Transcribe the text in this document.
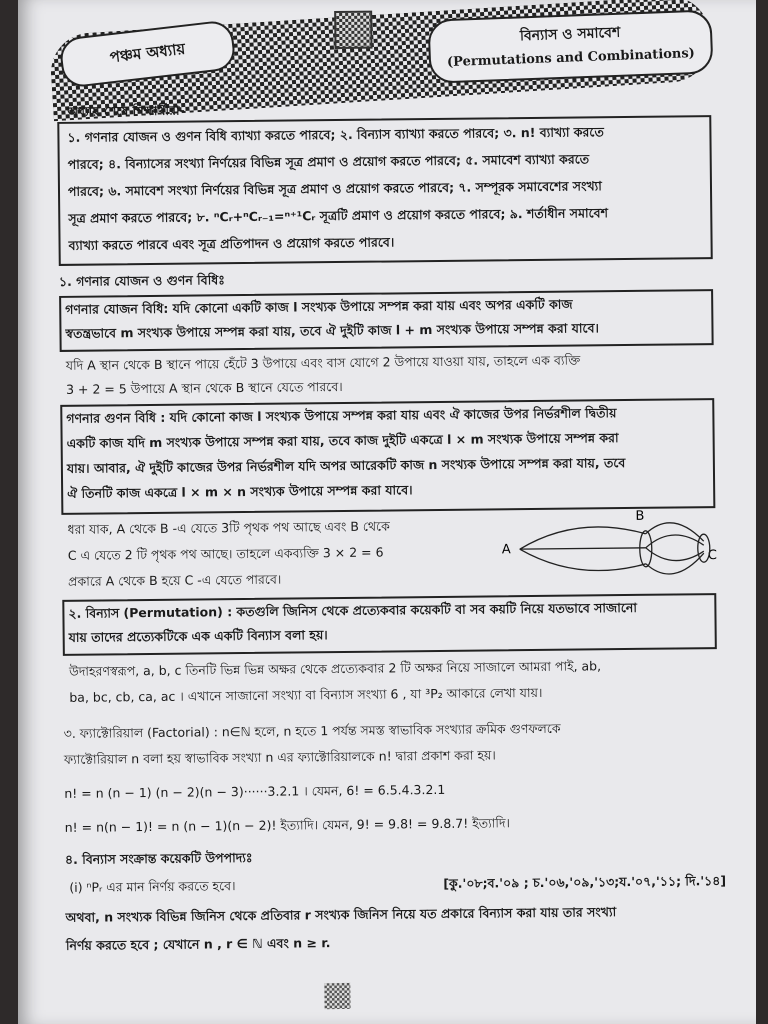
পঞ্চম অধ্যায়
বিন্যাস ও সমাবেশ
(Permutations and Combinations)
অধ্যায় শেষে শিক্ষার্থীরা-
১. গণনার যোজন ও গুণন বিধি ব্যাখ্যা করতে পারবে; ২. বিন্যাস ব্যাখ্যা করতে পারবে; ৩. n! ব্যাখ্যা করতে
পারবে; ৪. বিন্যাসের সংখ্যা নির্ণয়ের বিভিন্ন সূত্র প্রমাণ ও প্রয়োগ করতে পারবে; ৫. সমাবেশ ব্যাখ্যা করতে
পারবে; ৬. সমাবেশ সংখ্যা নির্ণয়ের বিভিন্ন সূত্র প্রমাণ ও প্রয়োগ করতে পারবে; ৭. সম্পূরক সমাবেশের সংখ্যা
সূত্র প্রমাণ করতে পারবে; ৮. ⁿCᵣ+ⁿCᵣ₋₁=ⁿ⁺¹Cᵣ সূত্রটি প্রমাণ ও প্রয়োগ করতে পারবে; ৯. শর্তাধীন সমাবেশ
ব্যাখ্যা করতে পারবে এবং সূত্র প্রতিপাদন ও প্রয়োগ করতে পারবে।
১. গণনার যোজন ও গুণন বিধিঃ
গণনার যোজন বিধি: যদি কোনো একটি কাজ l সংখ্যক উপায়ে সম্পন্ন করা যায় এবং অপর একটি কাজ
স্বতন্ত্রভাবে m সংখ্যক উপায়ে সম্পন্ন করা যায়, তবে ঐ দুইটি কাজ l + m সংখ্যক উপায়ে সম্পন্ন করা যাবে।
যদি A স্থান থেকে B স্থানে পায়ে হেঁটে 3 উপায়ে এবং বাস যোগে 2 উপায়ে যাওয়া যায়, তাহলে এক ব্যক্তি
3 + 2 = 5 উপায়ে A স্থান থেকে B স্থানে যেতে পারবে।
গণনার গুণন বিধি : যদি কোনো কাজ l সংখ্যক উপায়ে সম্পন্ন করা যায় এবং ঐ কাজের উপর নির্ভরশীল দ্বিতীয়
একটি কাজ যদি m সংখ্যক উপায়ে সম্পন্ন করা যায়, তবে কাজ দুইটি একত্রে l × m সংখ্যক উপায়ে সম্পন্ন করা
যায়। আবার, ঐ দুইটি কাজের উপর নির্ভরশীল যদি অপর আরেকটি কাজ n সংখ্যক উপায়ে সম্পন্ন করা যায়, তবে
ঐ তিনটি কাজ একত্রে l × m × n সংখ্যক উপায়ে সম্পন্ন করা যাবে।
ধরা যাক, A থেকে B -এ যেতে 3টি পৃথক পথ আছে এবং B থেকে
C এ যেতে 2 টি পৃথক পথ আছে। তাহলে একব্যক্তি 3 × 2 = 6
প্রকারে A থেকে B হয়ে C -এ যেতে পারবে।
A
B
C
২. বিন্যাস (Permutation) : কতগুলি জিনিস থেকে প্রত্যেকবার কয়েকটি বা সব কয়টি নিয়ে যতভাবে সাজানো
যায় তাদের প্রত্যেকটিকে এক একটি বিন্যাস বলা হয়।
উদাহরণস্বরূপ, a, b, c তিনটি ভিন্ন ভিন্ন অক্ষর থেকে প্রত্যেকবার 2 টি অক্ষর নিয়ে সাজালে আমরা পাই, ab,
ba, bc, cb, ca, ac । এখানে সাজানো সংখ্যা বা বিন্যাস সংখ্যা 6 , যা ³P₂ আকারে লেখা যায়।
৩. ফ্যাক্টোরিয়াল (Factorial) : n∈ℕ হলে, n হতে 1 পর্যন্ত সমস্ত স্বাভাবিক সংখ্যার ক্রমিক গুণফলকে
ফ্যাক্টোরিয়াল n বলা হয় স্বাভাবিক সংখ্যা n এর ফ্যাক্টোরিয়ালকে n! দ্বারা প্রকাশ করা হয়।
n! = n (n − 1) (n − 2)(n − 3)······3.2.1 । যেমন, 6! = 6.5.4.3.2.1
n! = n(n − 1)! = n (n − 1)(n − 2)! ইত্যাদি। যেমন, 9! = 9.8! = 9.8.7! ইত্যাদি।
৪. বিন্যাস সংক্রান্ত কয়েকটি উপপাদ্যঃ
(i) ⁿPᵣ এর মান নির্ণয় করতে হবে।	[কু.'০৮;ব.'০৯ ; চ.'০৬,'০৯,'১৩;য.'০৭,'১১; দি.'১৪]
অথবা, n সংখ্যক বিভিন্ন জিনিস থেকে প্রতিবার r সংখ্যক জিনিস নিয়ে যত প্রকারে বিন্যাস করা যায় তার সংখ্যা
নির্ণয় করতে হবে ; যেখানে n , r ∈ ℕ এবং n ≥ r.
